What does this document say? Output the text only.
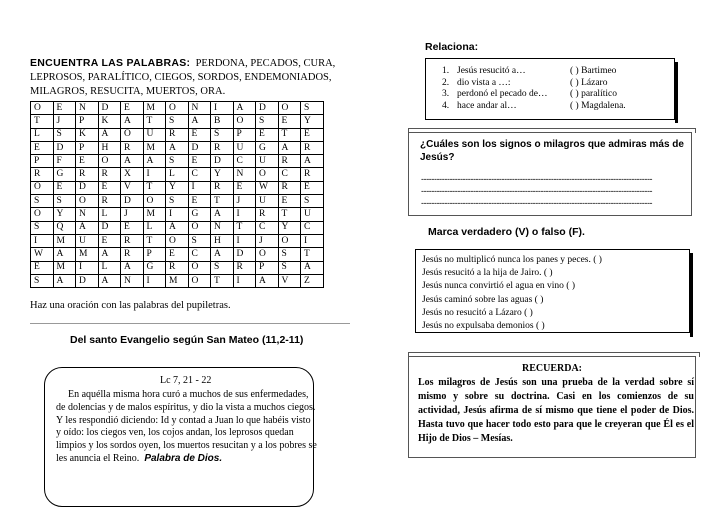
ENCUENTRA LAS PALABRAS: PERDONA, PECADOS, CURA, LEPROSOS, PARALÍTICO, CIEGOS, SORDOS, ENDEMONIADOS, MILAGROS, RESUCITA, MUERTOS, ORA.
O	E	N	D	E	M	O	N	I	A	D	O	S
T	J	P	K	A	T	S	A	B	O	S	E	Y
L	S	K	A	O	U	R	E	S	P	E	T	E
E	D	P	H	R	M	A	D	R	U	G	A	R
P	F	E	O	A	A	S	E	D	C	U	R	A
R	G	R	R	X	I	L	C	Y	N	O	C	R
O	E	D	E	V	T	Y	I	R	E	W	R	E
S	S	O	R	D	O	S	E	T	J	U	E	S
O	Y	N	L	J	M	I	G	A	I	R	T	U
S	Q	A	D	E	L	A	O	N	T	C	Y	C
I	M	U	E	R	T	O	S	H	I	J	O	I
W	A	M	A	R	P	E	C	A	D	O	S	T
E	M	I	L	A	G	R	O	S	R	P	S	A
S	A	D	A	N	I	M	O	T	I	A	V	Z
Haz una oración con las palabras del pupiletras.
Del santo Evangelio según San Mateo (11,2-11)
Lc 7, 21 - 22
En aquélla misma hora curó a muchos de sus enfermedades, de dolencias y de malos espíritus, y dio la vista a muchos ciegos. Y les respondió diciendo: Id y contad a Juan lo que habéis visto y oído: los ciegos ven, los cojos andan, los leprosos quedan limpios y los sordos oyen, los muertos resucitan y a los pobres se les anuncia el Reino. Palabra de Dios.
Relaciona:
1. Jesús resucitó a…	( ) Bartimeo
2. dio vista a …:	( ) Lázaro
3. perdonó el pecado de… ( ) paralítico
4. hace andar al…	( ) Magdalena.
¿Cuáles son los signos o milagros que admiras más de Jesús?
-----------------------------------------------------------------------------------------
-----------------------------------------------------------------------------------------
-----------------------------------------------------------------------------------------
Marca verdadero (V) o falso (F).
Jesús no multiplicó nunca los panes y peces. ( )
Jesús resucitó a la hija de Jairo. ( )
Jesús nunca convirtió el agua en vino ( )
Jesús caminó sobre las aguas ( )
Jesús no resucitó a Lázaro ( )
Jesús no expulsaba demonios ( )
RECUERDA:
Los milagros de Jesús son una prueba de la verdad sobre sí mismo y sobre su doctrina. Casi en los comienzos de su actividad, Jesús afirma de sí mismo que tiene el poder de Dios. Hasta tuvo que hacer todo esto para que le creyeran que Él es el Hijo de Dios – Mesías.
